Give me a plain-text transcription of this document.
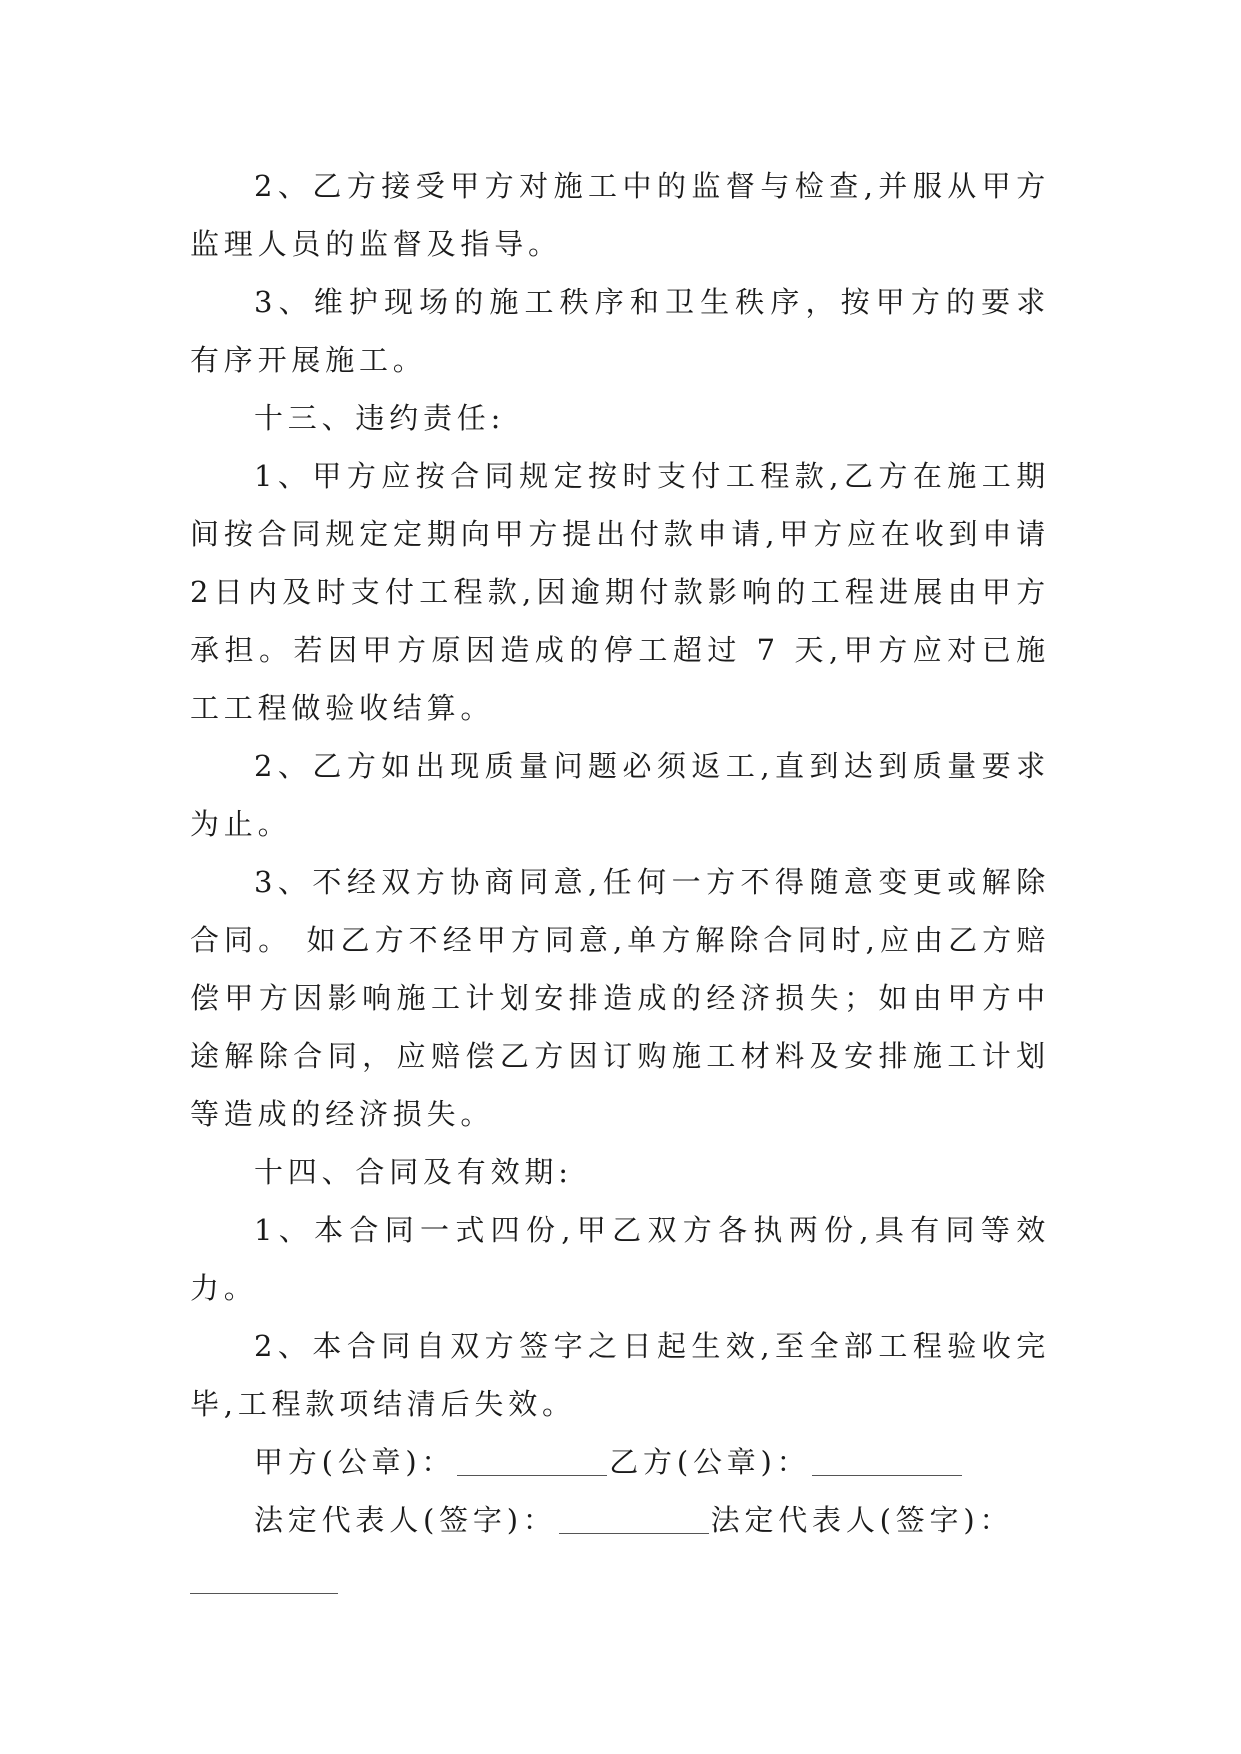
2、乙方接受甲方对施工中的监督与检查,并服从甲方监理人员的监督及指导。

3、维护现场的施工秩序和卫生秩序，按甲方的要求有序开展施工。

十三、违约责任:

1、甲方应按合同规定按时支付工程款,乙方在施工期间按合同规定定期向甲方提出付款申请,甲方应在收到申请 2日内及时支付工程款,因逾期付款影响的工程进展由甲方承担。若因甲方原因造成的停工超过 7 天,甲方应对已施工工程做验收结算。

2、乙方如出现质量问题必须返工,直到达到质量要求为止。

3、不经双方协商同意,任何一方不得随意变更或解除合同。 如乙方不经甲方同意,单方解除合同时,应由乙方赔偿甲方因影响施工计划安排造成的经济损失；如由甲方中途解除合同，应赔偿乙方因订购施工材料及安排施工计划等造成的经济损失。

十四、合同及有效期:

1、本合同一式四份,甲乙双方各执两份,具有同等效力。

2、本合同自双方签字之日起生效,至全部工程验收完毕,工程款项结清后失效。

甲方(公章)：	乙方(公章)：

法定代表人(签字)：	法定代表人(签字)：
